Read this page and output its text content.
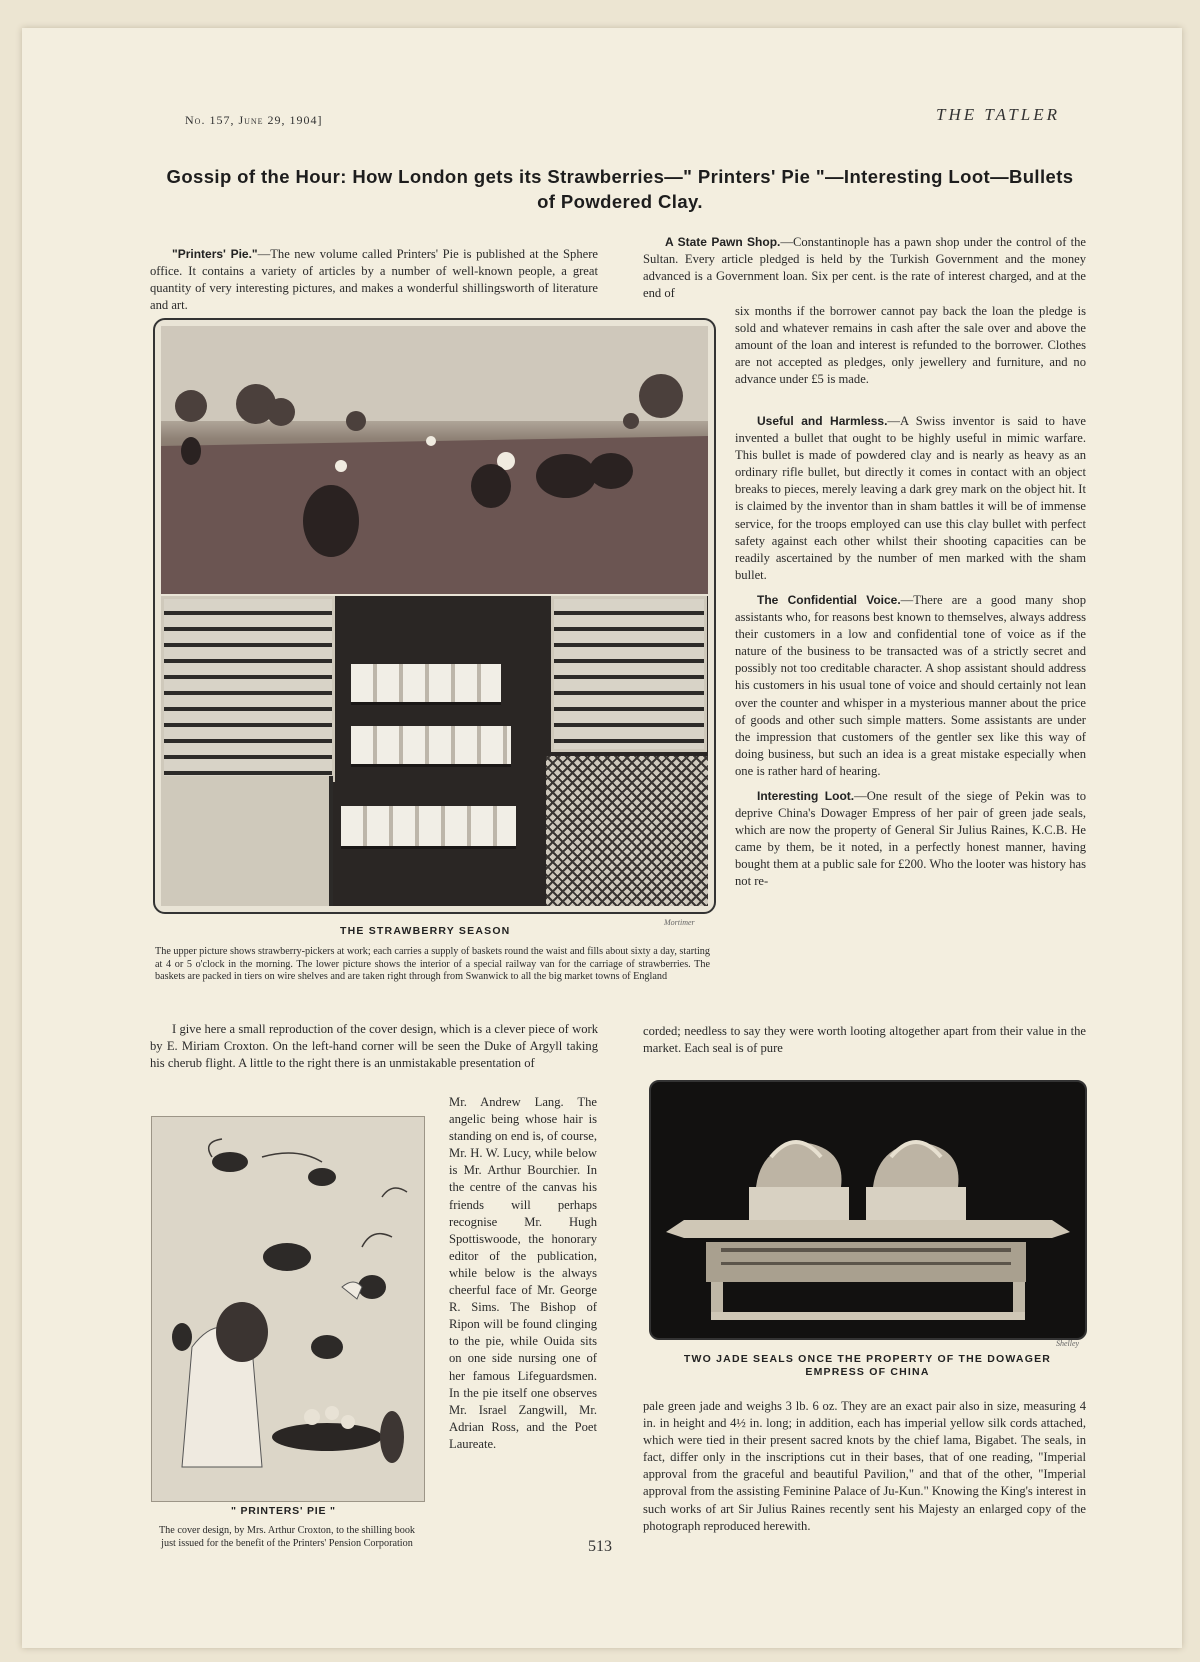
No. 157, June 29, 1904]	THE TATLER
Gossip of the Hour: How London gets its Strawberries—" Printers' Pie "—Interesting Loot—Bullets of Powdered Clay.

"Printers' Pie."—The new volume called Printers' Pie is published at the Sphere office. It contains a variety of articles by a number of well-known people, a great quantity of very interesting pictures, and makes a wonderful shillingsworth of literature and art.

THE STRAWBERRY SEASON
Mortimer
The upper picture shows strawberry-pickers at work; each carries a supply of baskets round the waist and fills about sixty a day, starting at 4 or 5 o'clock in the morning. The lower picture shows the interior of a special railway van for the carriage of strawberries. The baskets are packed in tiers on wire shelves and are taken right through from Swanwick to all the big market towns of England

I give here a small reproduction of the cover design, which is a clever piece of work by E. Miriam Croxton. On the left-hand corner will be seen the Duke of Argyll taking his cherub flight. A little to the right there is an unmistakable presentation of

Mr. Andrew Lang. The angelic being whose hair is standing on end is, of course, Mr. H. W. Lucy, while below is Mr. Arthur Bourchier. In the centre of the canvas his friends will perhaps recognise Mr. Hugh Spottiswoode, the honorary editor of the publication, while below is the always cheerful face of Mr. George R. Sims. The Bishop of Ripon will be found clinging to the pie, while Ouida sits on one side nursing one of her famous Lifeguardsmen. In the pie itself one observes Mr. Israel Zangwill, Mr. Adrian Ross, and the Poet Laureate.
" PRINTERS' PIE "
The cover design, by Mrs. Arthur Croxton, to the shilling book just issued for the benefit of the Printers' Pension Corporation

A State Pawn Shop.—Constantinople has a pawn shop under the control of the Sultan. Every article pledged is held by the Turkish Government and the money advanced is a Government loan. Six per cent. is the rate of interest charged, and at the end of

six months if the borrower cannot pay back the loan the pledge is sold and whatever remains in cash after the sale over and above the amount of the loan and interest is refunded to the borrower. Clothes are not accepted as pledges, only jewellery and furniture, and no advance under £5 is made.

Useful and Harmless.—A Swiss inventor is said to have invented a bullet that ought to be highly useful in mimic warfare. This bullet is made of powdered clay and is nearly as heavy as an ordinary rifle bullet, but directly it comes in contact with an object breaks to pieces, merely leaving a dark grey mark on the object hit. It is claimed by the inventor than in sham battles it will be of immense service, for the troops employed can use this clay bullet with perfect safety against each other whilst their shooting capacities can be readily ascertained by the number of men marked with the sham bullet.

The Confidential Voice.—There are a good many shop assistants who, for reasons best known to themselves, always address their customers in a low and confidential tone of voice as if the nature of the business to be transacted was of a strictly secret and possibly not too creditable character. A shop assistant should address his customers in his usual tone of voice and should certainly not lean over the counter and whisper in a mysterious manner about the price of goods and other such simple matters. Some assistants are under the impression that customers of the gentler sex like this way of doing business, but such an idea is a great mistake especially when one is rather hard of hearing.

Interesting Loot.—One result of the siege of Pekin was to deprive China's Dowager Empress of her pair of green jade seals, which are now the property of General Sir Julius Raines, K.C.B. He came by them, be it noted, in a perfectly honest manner, having bought them at a public sale for £200. Who the looter was history has not re-

corded; needless to say they were worth looting altogether apart from their value in the market. Each seal is of pure
Shelley
TWO JADE SEALS ONCE THE PROPERTY OF THE DOWAGER EMPRESS OF CHINA
pale green jade and weighs 3 lb. 6 oz. They are an exact pair also in size, measuring 4 in. in height and 4½ in. long; in addition, each has imperial yellow silk cords attached, which were tied in their present sacred knots by the chief lama, Bigabet. The seals, in fact, differ only in the inscriptions cut in their bases, that of one reading, "Imperial approval from the graceful and beautiful Pavilion," and that of the other, "Imperial approval from the assisting Feminine Palace of Ju-Kun." Knowing the King's interest in such works of art Sir Julius Raines recently sent his Majesty an enlarged copy of the photograph reproduced herewith.
513
